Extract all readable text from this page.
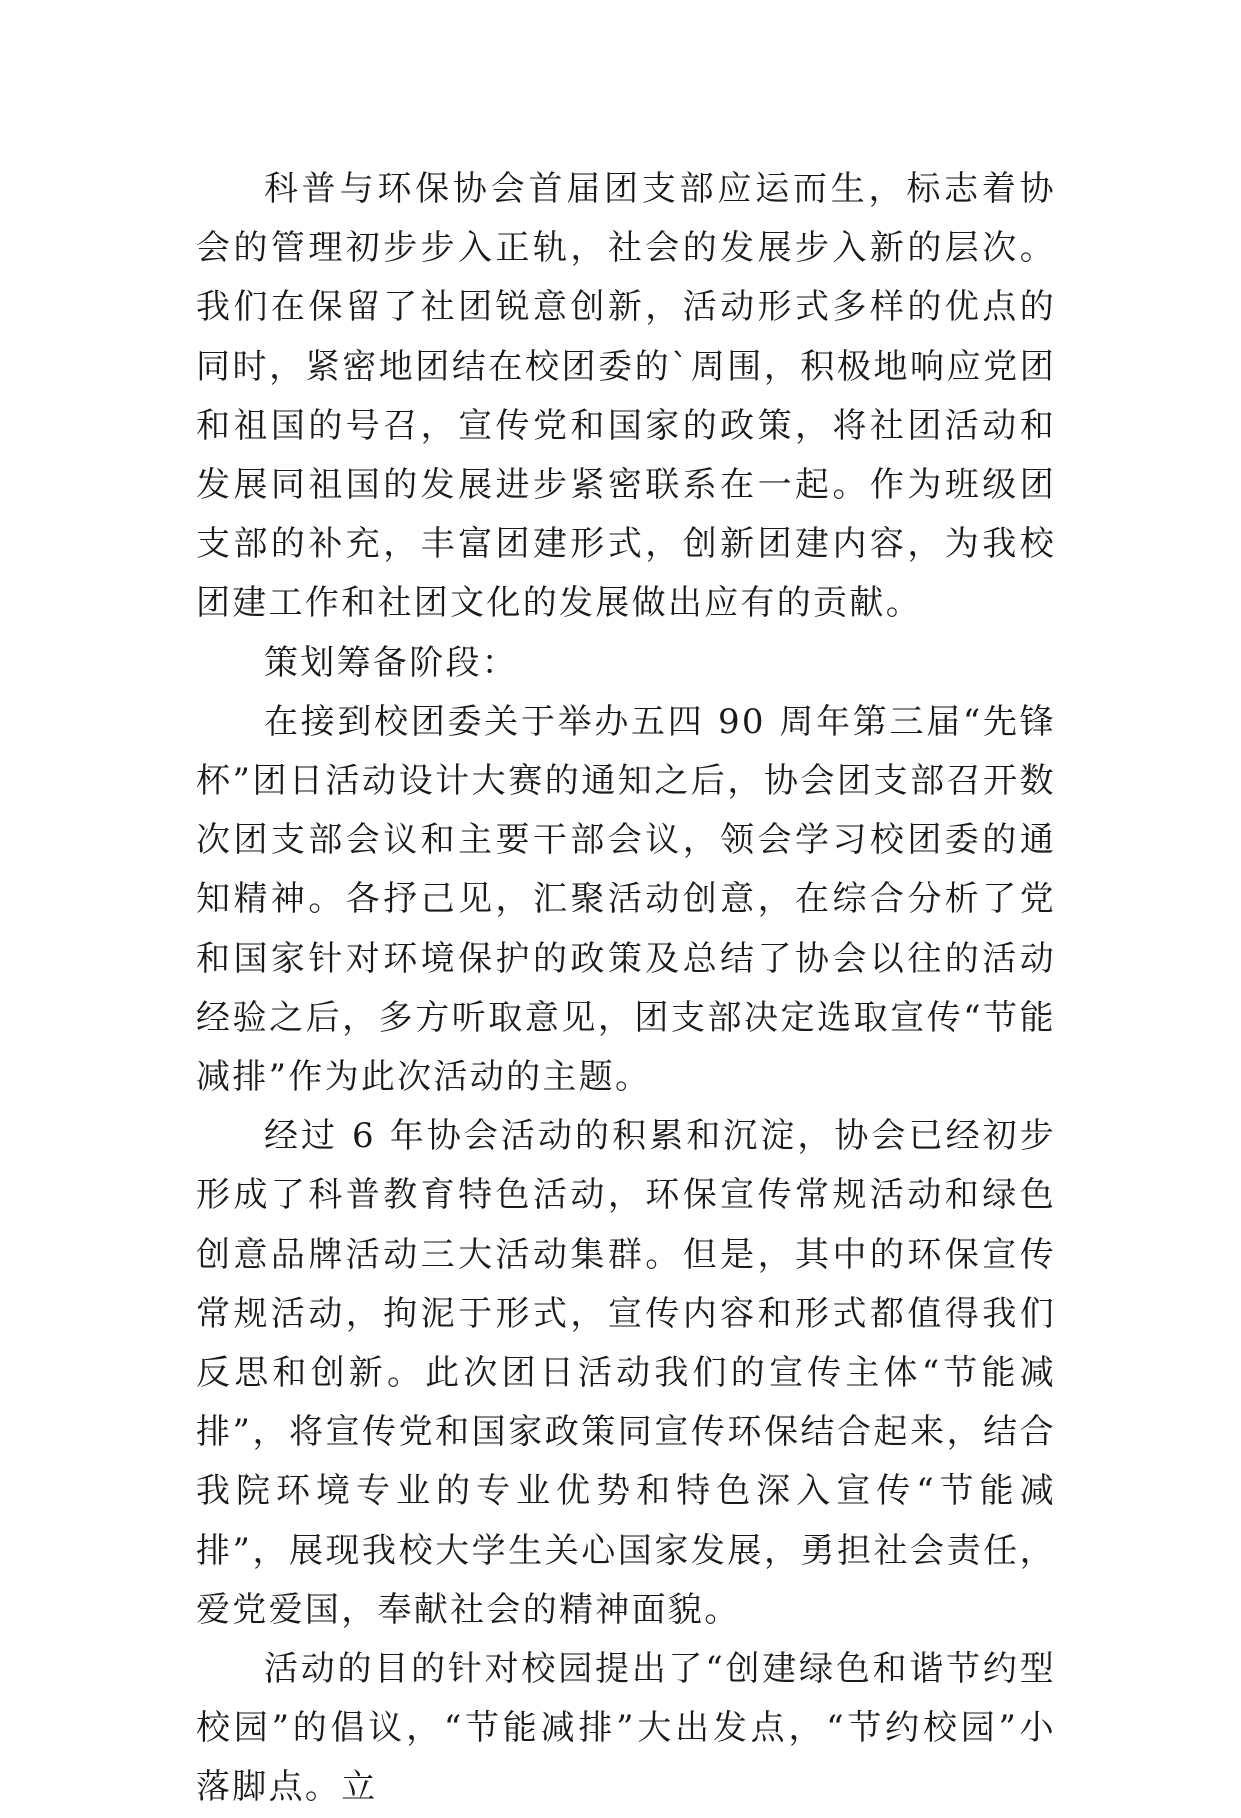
科普与环保协会首届团支部应运而生，标志着协会的管理初步步入正轨，社会的发展步入新的层次。我们在保留了社团锐意创新，活动形式多样的优点的同时，紧密地团结在校团委的`周围，积极地响应党团和祖国的号召，宣传党和国家的政策，将社团活动和发展同祖国的发展进步紧密联系在一起。作为班级团支部的补充，丰富团建形式，创新团建内容，为我校团建工作和社团文化的发展做出应有的贡献。

策划筹备阶段：

在接到校团委关于举办五四 90 周年第三届“先锋杯”团日活动设计大赛的通知之后，协会团支部召开数次团支部会议和主要干部会议，领会学习校团委的通知精神。各抒己见，汇聚活动创意，在综合分析了党和国家针对环境保护的政策及总结了协会以往的活动经验之后，多方听取意见，团支部决定选取宣传“节能减排”作为此次活动的主题。

经过 6 年协会活动的积累和沉淀，协会已经初步形成了科普教育特色活动，环保宣传常规活动和绿色创意品牌活动三大活动集群。但是，其中的环保宣传常规活动，拘泥于形式，宣传内容和形式都值得我们反思和创新。此次团日活动我们的宣传主体“节能减排”，将宣传党和国家政策同宣传环保结合起来，结合我院环境专业的专业优势和特色深入宣传“节能减排”，展现我校大学生关心国家发展，勇担社会责任，爱党爱国，奉献社会的精神面貌。

活动的目的针对校园提出了“创建绿色和谐节约型校园”的倡议，“节能减排”大出发点，“节约校园”小落脚点。立
